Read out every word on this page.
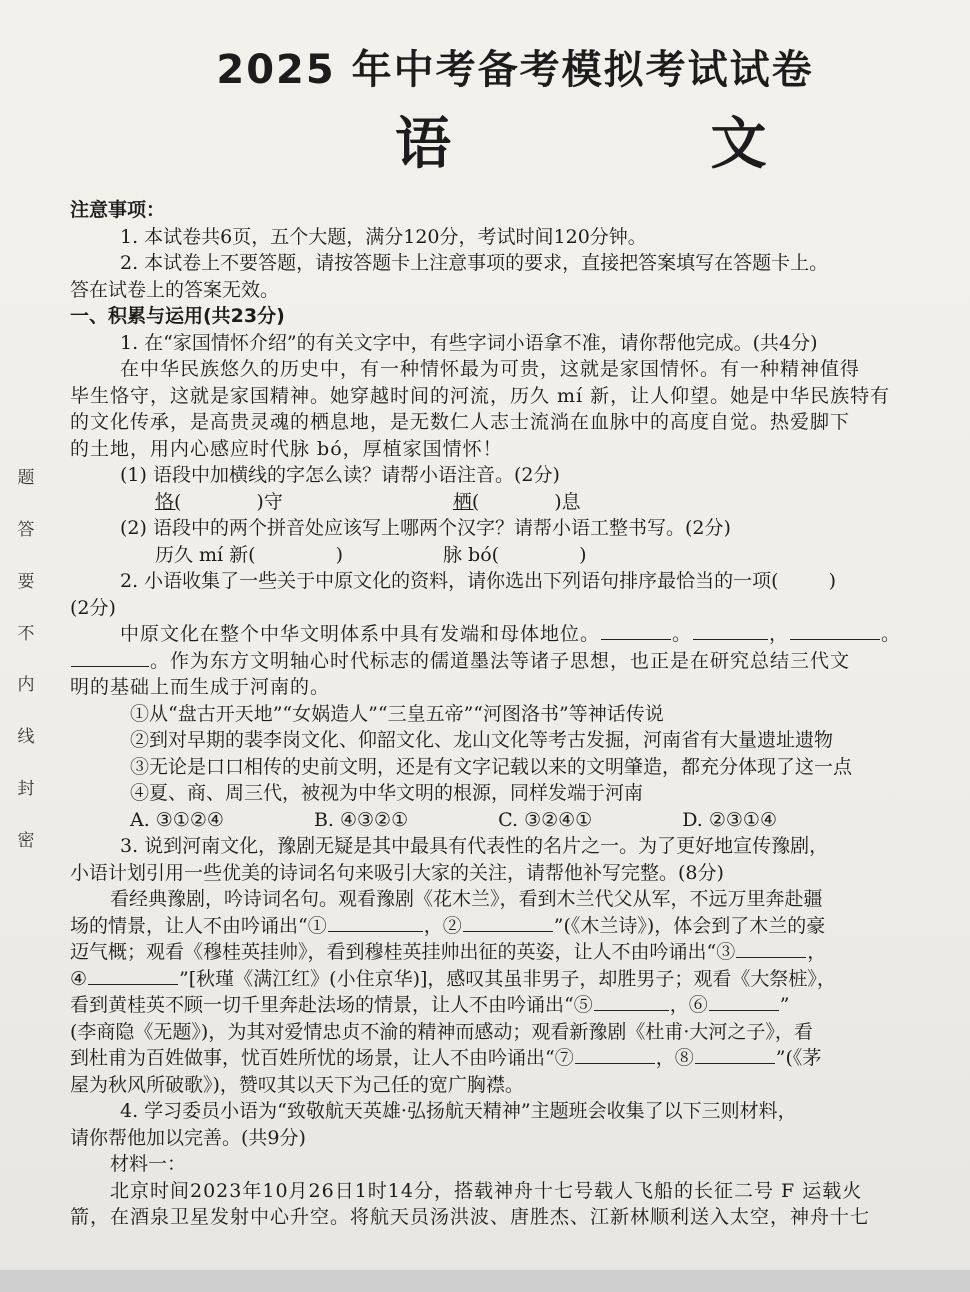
题
答
要
不
内
线
封
密
2025 年中考备考模拟考试试卷
语 文

注意事项：

1. 本试卷共6页，五个大题，满分120分，考试时间120分钟。

2. 本试卷上不要答题，请按答题卡上注意事项的要求，直接把答案填写在答题卡上。

答在试卷上的答案无效。

一、积累与运用(共23分)

1. 在“家国情怀介绍”的有关文字中，有些字词小语拿不准，请你帮他完成。(共4分)

在中华民族悠久的历史中，有一种情怀最为可贵，这就是家国情怀。有一种精神值得

毕生恪守，这就是家国精神。她穿越时间的河流，历久 mí 新，让人仰望。她是中华民族特有

的文化传承，是高贵灵魂的栖息地，是无数仁人志士流淌在血脉中的高度自觉。热爱脚下

的土地，用内心感应时代脉 bó，厚植家国情怀！

(1) 语段中加横线的字怎么读？请帮小语注音。(2分)

恪(	)守	栖(	)息

(2) 语段中的两个拼音处应该写上哪两个汉字？请帮小语工整书写。(2分)

历久 mí 新(	)	脉 bó(	)

2. 小语收集了一些关于中原文化的资料，请你选出下列语句排序最恰当的一项(	)

(2分)

中原文化在整个中华文明体系中具有发端和母体地位。	。	，	。

。作为东方文明轴心时代标志的儒道墨法等诸子思想，也正是在研究总结三代文

明的基础上而生成于河南的。

①从“盘古开天地”“女娲造人”“三皇五帝”“河图洛书”等神话传说

②到对早期的裴李岗文化、仰韶文化、龙山文化等考古发掘，河南省有大量遗址遗物

③无论是口口相传的史前文明，还是有文字记载以来的文明肇造，都充分体现了这一点

④夏、商、周三代，被视为中华文明的根源，同样发端于河南

A. ③①②④	B. ④③②①	C. ③②④①	D. ②③①④

3. 说到河南文化，豫剧无疑是其中最具有代表性的名片之一。为了更好地宣传豫剧，

小语计划引用一些优美的诗词名句来吸引大家的关注，请帮他补写完整。(8分)

看经典豫剧，吟诗词名句。观看豫剧《花木兰》，看到木兰代父从军，不远万里奔赴疆

场的情景，让人不由吟诵出“①	，②	”(《木兰诗》)，体会到了木兰的豪

迈气概；观看《穆桂英挂帅》，看到穆桂英挂帅出征的英姿，让人不由吟诵出“③	，

④	”[秋瑾《满江红》(小住京华)]，感叹其虽非男子，却胜男子；观看《大祭桩》，

看到黄桂英不顾一切千里奔赴法场的情景，让人不由吟诵出“⑤	，⑥	”

(李商隐《无题》)，为其对爱情忠贞不渝的精神而感动；观看新豫剧《杜甫·大河之子》，看

到杜甫为百姓做事，忧百姓所忧的场景，让人不由吟诵出“⑦	，⑧	”(《茅

屋为秋风所破歌》)，赞叹其以天下为己任的宽广胸襟。

4. 学习委员小语为“致敬航天英雄·弘扬航天精神”主题班会收集了以下三则材料，

请你帮他加以完善。(共9分)

材料一：

北京时间2023年10月26日1时14分，搭载神舟十七号载人飞船的长征二号 F 运载火

箭，在酒泉卫星发射中心升空。将航天员汤洪波、唐胜杰、江新林顺利送入太空，神舟十七
